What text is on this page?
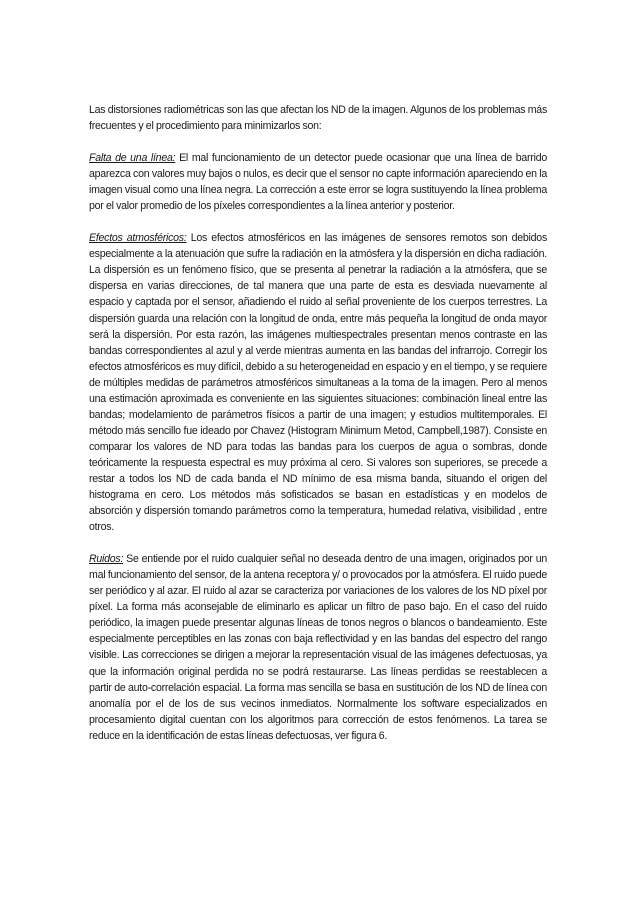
Las distorsiones radiométricas son las que afectan los ND de la imagen. Algunos de los problemas más frecuentes y el procedimiento para minimizarlos son:

Falta de una línea: El mal funcionamiento de un detector puede ocasionar que una línea de barrido aparezca con valores muy bajos o nulos, es decir que el sensor no capte información apareciendo en la imagen visual como una línea negra. La corrección a este error se logra sustituyendo la línea problema por el valor promedio de los píxeles correspondientes a la línea anterior y posterior.

Efectos atmosféricos: Los efectos atmosféricos en las imágenes de sensores remotos son debidos especialmente a la atenuación que sufre la radiación en la atmósfera y la dispersión en dicha radiación. La dispersión es un fenómeno físico, que se presenta al penetrar la radiación a la atmósfera, que se dispersa en varias direcciones, de tal manera que una parte de esta es desviada nuevamente al espacio y captada por el sensor, añadiendo el ruido al señal proveniente de los cuerpos terrestres. La dispersión guarda una relación con la longitud de onda, entre más pequeña la longitud de onda mayor será la dispersión. Por esta razón, las imágenes multiespectrales presentan menos contraste en las bandas correspondientes al azul y al verde mientras aumenta en las bandas del infrarrojo. Corregir los efectos atmosféricos es muy difícil, debido a su heterogeneidad en espacio y en el tiempo, y se requiere de múltiples medidas de parámetros atmosféricos simultaneas a la toma de la imagen. Pero al menos una estimación aproximada es conveniente en las siguientes situaciones: combinación lineal entre las bandas; modelamiento de parámetros físicos a partir de una imagen; y estudios multitemporales. El método más sencillo fue ideado por Chavez (Histogram Minimum Metod, Campbell,1987). Consiste en comparar los valores de ND para todas las bandas para los cuerpos de agua o sombras, donde teóricamente la respuesta espectral es muy próxima al cero. Si valores son superiores, se precede a restar a todos los ND de cada banda el ND mínimo de esa misma banda, situando el origen del histograma en cero. Los métodos más sofisticados se basan en estadísticas y en modelos de absorción y dispersión tomando parámetros como la temperatura, humedad relativa, visibilidad , entre otros.

Ruidos: Se entiende por el ruido cualquier señal no deseada dentro de una imagen, originados por un mal funcionamiento del sensor, de la antena receptora y/ o provocados por la atmósfera. El ruido puede ser periódico y al azar. El ruido al azar se caracteriza por variaciones de los valores de los ND píxel por píxel. La forma más aconsejable de eliminarlo es aplicar un filtro de paso bajo. En el caso del ruido periódico, la imagen puede presentar algunas líneas de tonos negros o blancos o bandeamiento. Este especialmente perceptibles en las zonas con baja reflectividad y en las bandas del espectro del rango visible. Las correcciones se dirigen a mejorar la representación visual de las imágenes defectuosas, ya que la información original perdida no se podrá restaurarse. Las líneas perdidas se reestablecen a partir de auto-correlación espacial. La forma mas sencilla se basa en sustitución de los ND de línea con anomalía por el de los de sus vecinos inmediatos. Normalmente los software especializados en procesamiento digital cuentan con los algoritmos para corrección de estos fenómenos. La tarea se reduce en la identificación de estas líneas defectuosas, ver figura 6.
